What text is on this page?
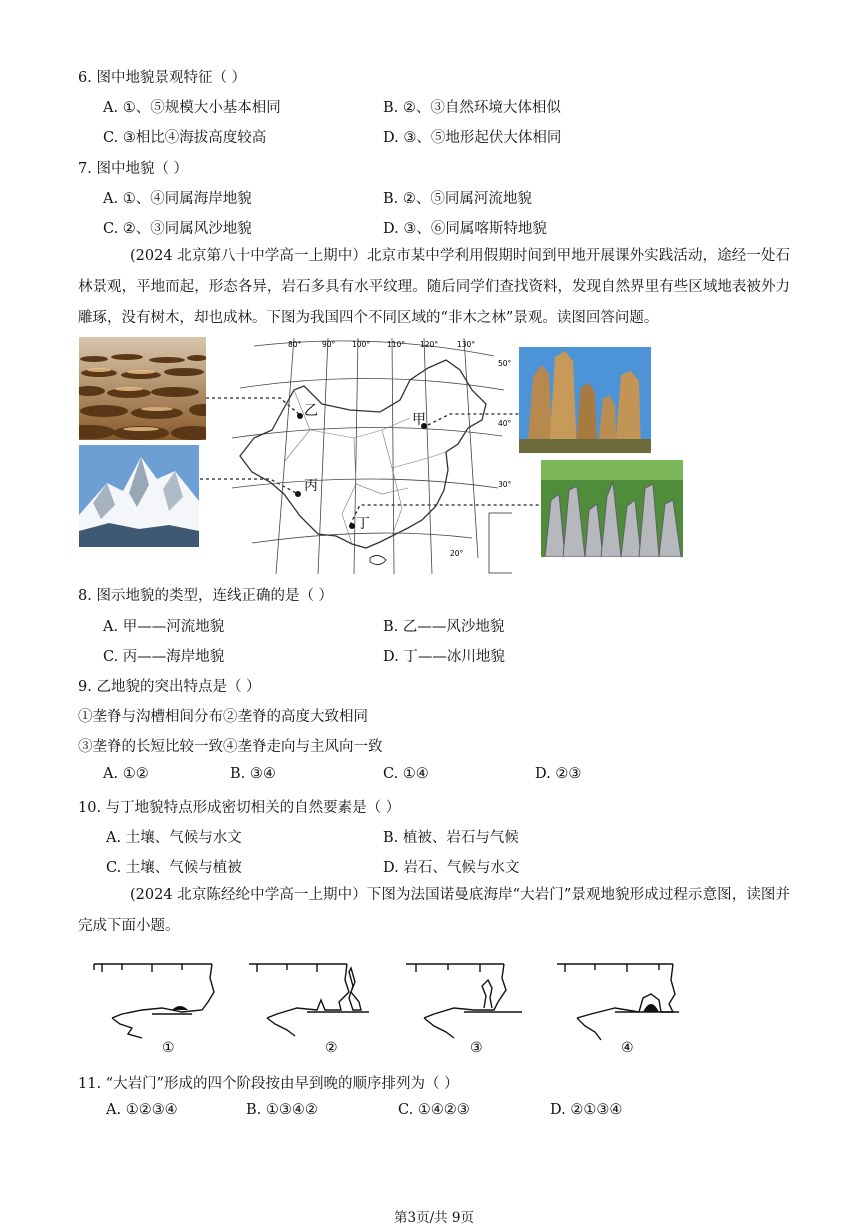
6. 图中地貌景观特征（ ）
A. ①、⑤规模大小基本相同	B. ②、③自然环境大体相似
C. ③相比④海拔高度较高	D. ③、⑤地形起伏大体相同
7. 图中地貌（ ）
A. ①、④同属海岸地貌	B. ②、⑤同属河流地貌
C. ②、③同属风沙地貌	D. ③、⑥同属喀斯特地貌
(2024 北京第八十中学高一上期中）北京市某中学利用假期时间到甲地开展课外实践活动，途经一处石林景观，平地而起，形态各异，岩石多具有水平纹理。随后同学们查找资料，发现自然界里有些区域地表被外力雕琢，没有树木，却也成林。下图为我国四个不同区域的“非木之林”景观。读图回答问题。
80°	90° 100° 110° 120°	130°
50°
40°
30°
20°
乙
甲
丙
丁
8. 图示地貌的类型，连线正确的是（ ）
A. 甲——河流地貌	B. 乙——风沙地貌
C. 丙——海岸地貌	D. 丁——冰川地貌
9. 乙地貌的突出特点是（ ）
①垄脊与沟槽相间分布②垄脊的高度大致相同
③垄脊的长短比较一致④垄脊走向与主风向一致
A. ①②	B. ③④	C. ①④	D. ②③
10. 与丁地貌特点形成密切相关的自然要素是（ ）
A. 土壤、气候与水文	B. 植被、岩石与气候
C. 土壤、气候与植被	D. 岩石、气候与水文
(2024 北京陈经纶中学高一上期中）下图为法国诺曼底海岸“大岩门”景观地貌形成过程示意图，读图并完成下面小题。
①	②	③	④
11. “大岩门”形成的四个阶段按由早到晚的顺序排列为（ ）
A. ①②③④	B. ①③④②	C. ①④②③	D. ②①③④
第3页/共 9页
